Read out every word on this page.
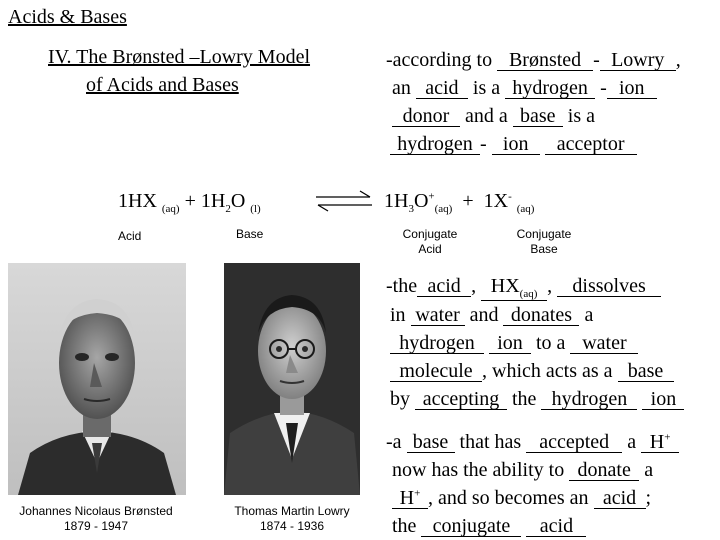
Acids & Bases
IV. The Brønsted –Lowry Model
of Acids and Bases
-according to Brønsted - Lowry ,
an acid is a hydrogen - ion
donor and a base is a
hydrogen - ion acceptor
1HX $_{(aq)} + 1H_2O$ $_{(l)}$	⇌ $1H_3O^+_{(aq)} + 1X^-$ $_{(aq)}$
Acid	Base	Conjugate
Acid
Conjugate
Base
Johannes Nicolaus Brønsted
1879 - 1947
Thomas Martin Lowry
1874 - 1936
-the acid , $HX_{(aq)}$ , dissolves
in water and donates a
hydrogen ion to a water
molecule , which acts as a base
by accepting the hydrogen ion
-a base that has accepted a H+
now has the ability to donate a
H+ , and so becomes an acid ;
the conjugate acid
